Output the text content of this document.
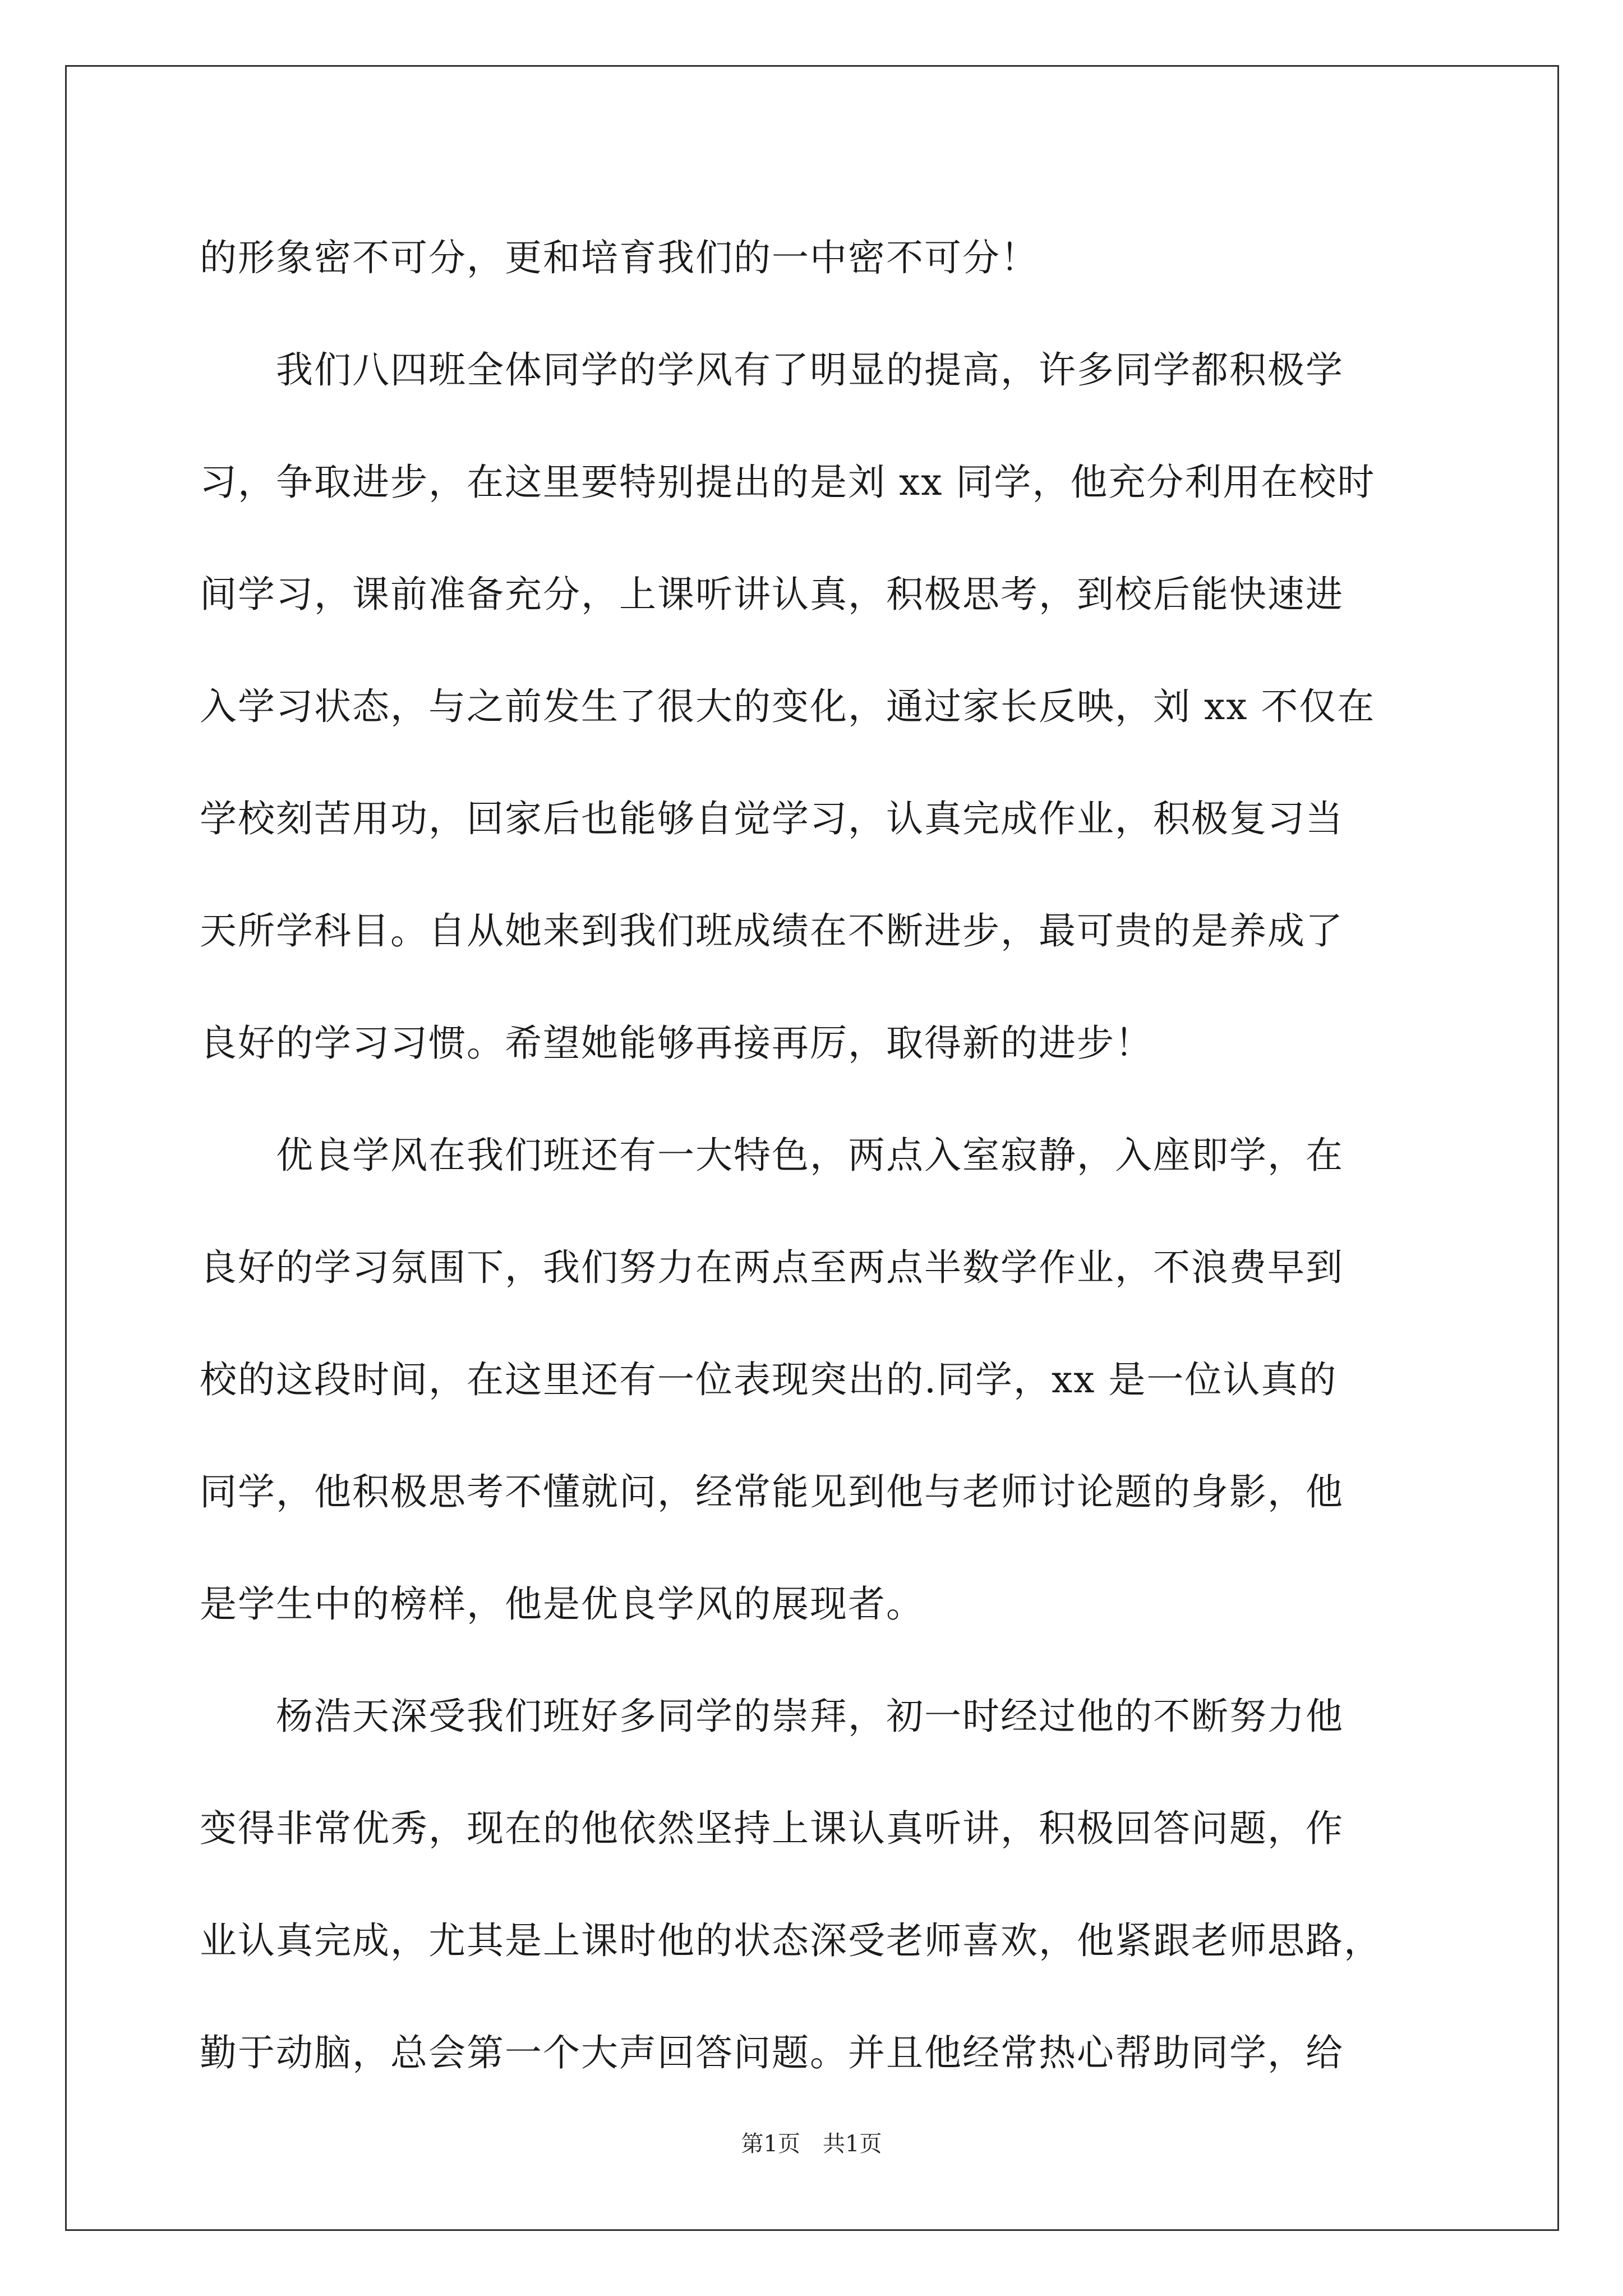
的形象密不可分，更和培育我们的一中密不可分！
　　我们八四班全体同学的学风有了明显的提高，许多同学都积极学
习，争取进步，在这里要特别提出的是刘 xx 同学，他充分利用在校时
间学习，课前准备充分，上课听讲认真，积极思考，到校后能快速进
入学习状态，与之前发生了很大的变化，通过家长反映，刘 xx 不仅在
学校刻苦用功，回家后也能够自觉学习，认真完成作业，积极复习当
天所学科目。自从她来到我们班成绩在不断进步，最可贵的是养成了
良好的学习习惯。希望她能够再接再厉，取得新的进步！
　　优良学风在我们班还有一大特色，两点入室寂静，入座即学，在
良好的学习氛围下，我们努力在两点至两点半数学作业，不浪费早到
校的这段时间，在这里还有一位表现突出的.同学，xx 是一位认真的
同学，他积极思考不懂就问，经常能见到他与老师讨论题的身影，他
是学生中的榜样，他是优良学风的展现者。
　　杨浩天深受我们班好多同学的崇拜，初一时经过他的不断努力他
变得非常优秀，现在的他依然坚持上课认真听讲，积极回答问题，作
业认真完成，尤其是上课时他的状态深受老师喜欢，他紧跟老师思路，
勤于动脑，总会第一个大声回答问题。并且他经常热心帮助同学，给
第1页 共1页
